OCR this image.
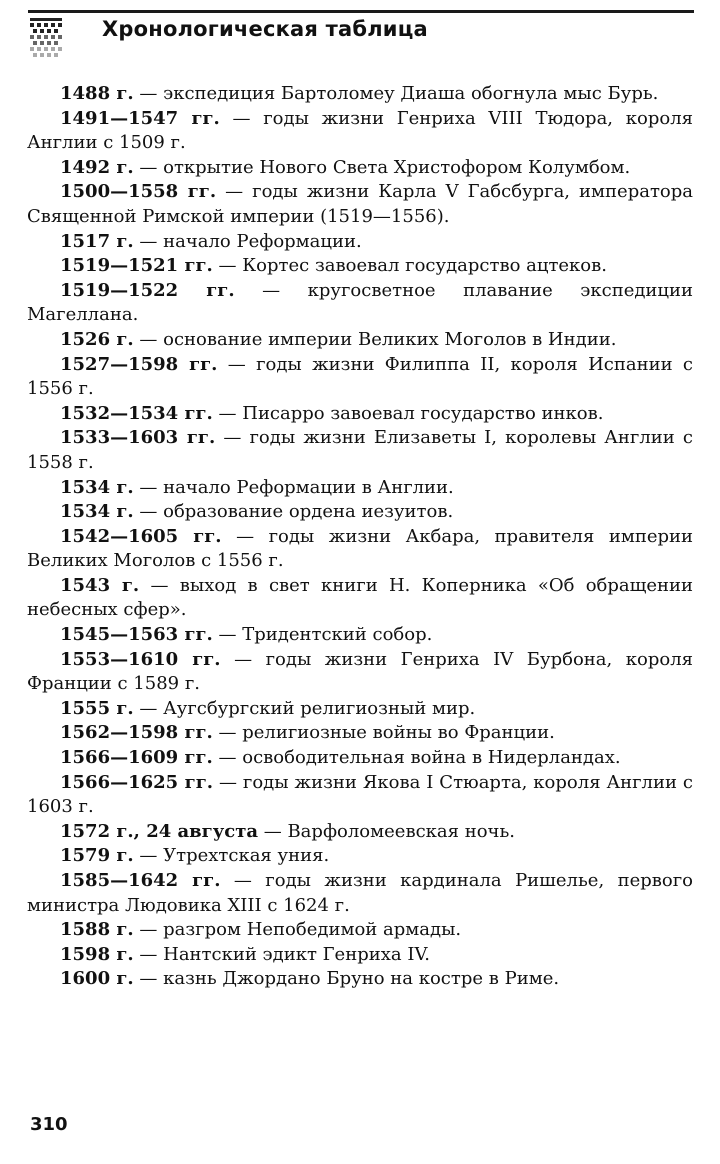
Хронологическая таблица

1488 г. — экспедиция Бартоломеу Диаша обогнула мыс Бурь.

1491—1547 гг. — годы жизни Генриха VIII Тюдора, короля Англии с 1509 г.

1492 г. — открытие Нового Света Христофором Колумбом.

1500—1558 гг. — годы жизни Карла V Габсбурга, императора Священной Римской империи (1519—1556).

1517 г. — начало Реформации.

1519—1521 гг. — Кортес завоевал государство ацтеков.

1519—1522 гг. — кругосветное плавание экспедиции Магеллана.

1526 г. — основание империи Великих Моголов в Индии.

1527—1598 гг. — годы жизни Филиппа II, короля Испании с 1556 г.

1532—1534 гг. — Писарро завоевал государство инков.

1533—1603 гг. — годы жизни Елизаветы I, королевы Англии с 1558 г.

1534 г. — начало Реформации в Англии.

1534 г. — образование ордена иезуитов.

1542—1605 гг. — годы жизни Акбара, правителя империи Великих Моголов с 1556 г.

1543 г. — выход в свет книги Н. Коперника «Об обращении небесных сфер».

1545—1563 гг. — Тридентский собор.

1553—1610 гг. — годы жизни Генриха IV Бурбона, короля Франции с 1589 г.

1555 г. — Аугсбургский религиозный мир.

1562—1598 гг. — религиозные войны во Франции.

1566—1609 гг. — освободительная война в Нидерландах.

1566—1625 гг. — годы жизни Якова I Стюарта, короля Англии с 1603 г.

1572 г., 24 августа — Варфоломеевская ночь.

1579 г. — Утрехтская уния.

1585—1642 гг. — годы жизни кардинала Ришелье, первого министра Людовика XIII с 1624 г.

1588 г. — разгром Непобедимой армады.

1598 г. — Нантский эдикт Генриха IV.

1600 г. — казнь Джордано Бруно на костре в Риме.

310
